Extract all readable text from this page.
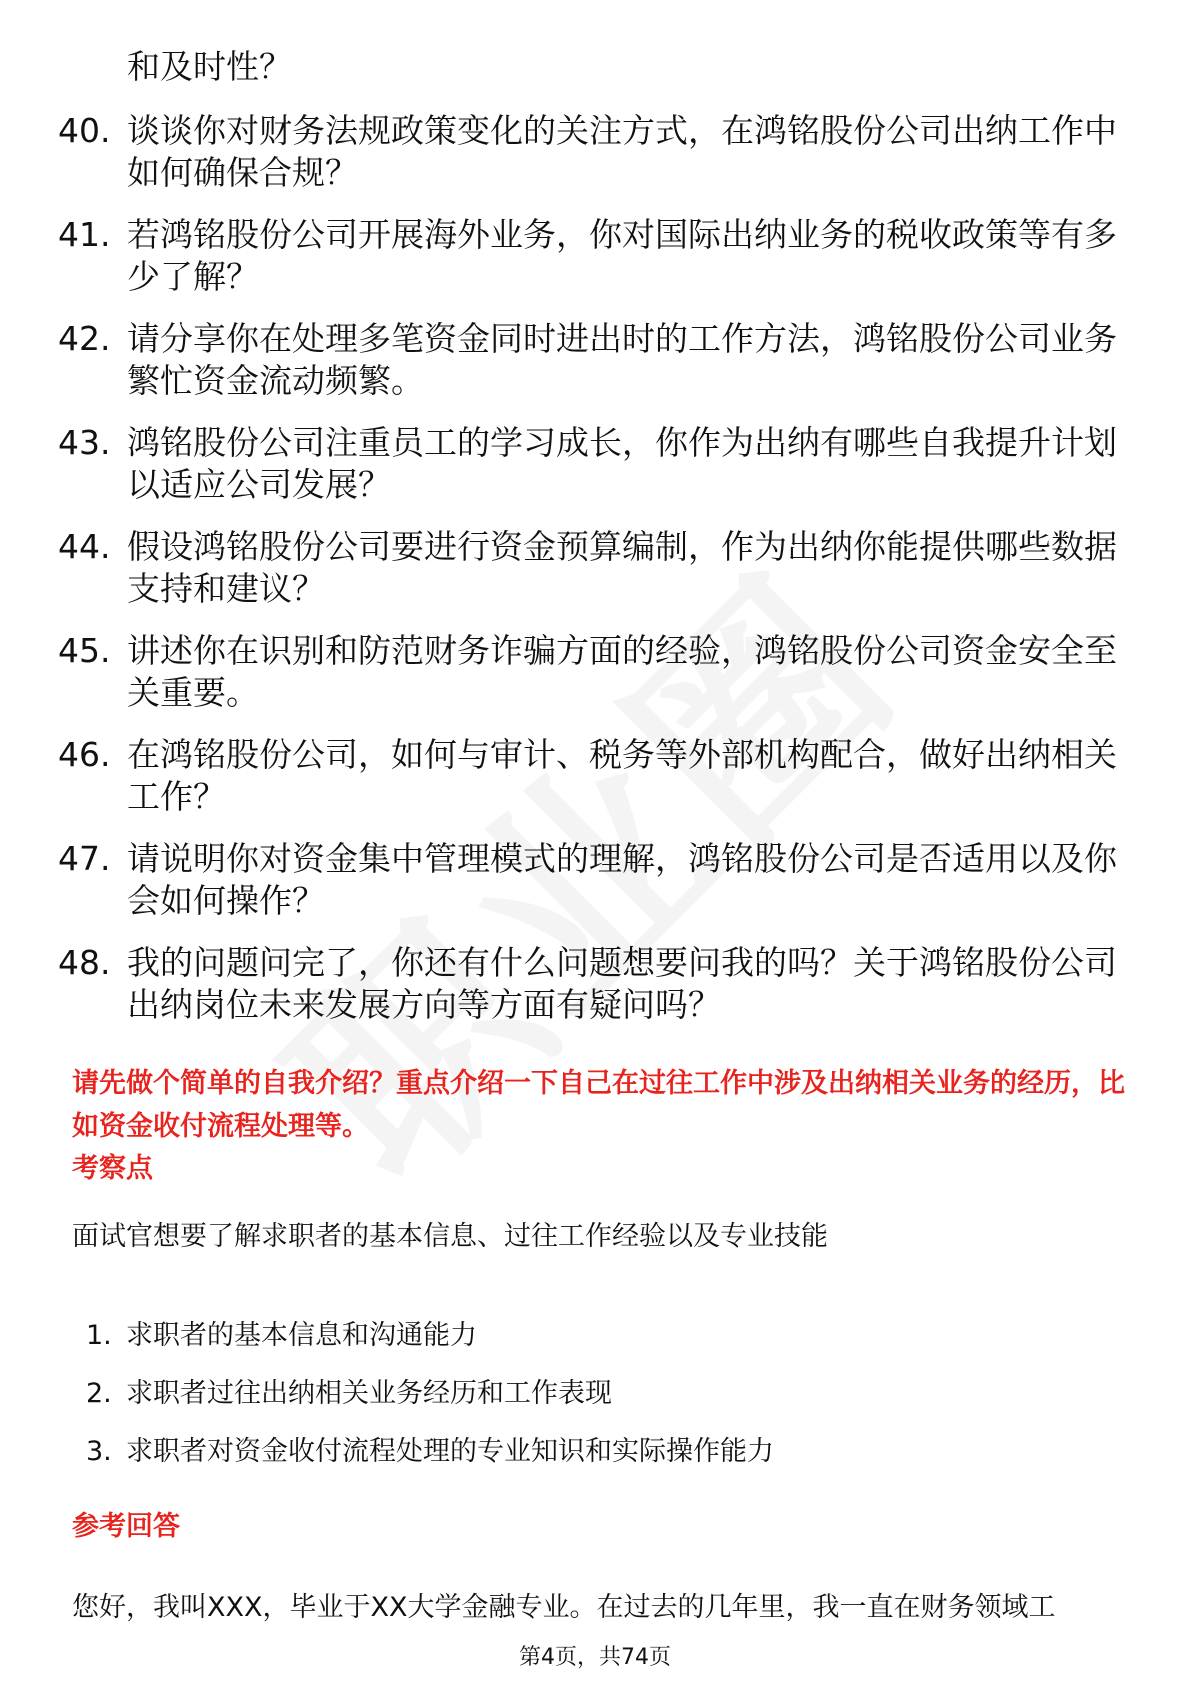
和及时性？

40. 谈谈你对财务法规政策变化的关注方式，在鸿铭股份公司出纳工作中如何确保合规？
41. 若鸿铭股份公司开展海外业务，你对国际出纳业务的税收政策等有多少了解？
42. 请分享你在处理多笔资金同时进出时的工作方法，鸿铭股份公司业务繁忙资金流动频繁。
43. 鸿铭股份公司注重员工的学习成长，你作为出纳有哪些自我提升计划以适应公司发展？
44. 假设鸿铭股份公司要进行资金预算编制，作为出纳你能提供哪些数据支持和建议？
45. 讲述你在识别和防范财务诈骗方面的经验，鸿铭股份公司资金安全至关重要。
46. 在鸿铭股份公司，如何与审计、税务等外部机构配合，做好出纳相关工作？
47. 请说明你对资金集中管理模式的理解，鸿铭股份公司是否适用以及你会如何操作？
48. 我的问题问完了，你还有什么问题想要问我的吗？关于鸿铭股份公司出纳岗位未来发展方向等方面有疑问吗？

请先做个简单的自我介绍？重点介绍一下自己在过往工作中涉及出纳相关业务的经历，比如资金收付流程处理等。

考察点

面试官想要了解求职者的基本信息、过往工作经验以及专业技能

1. 求职者的基本信息和沟通能力
2. 求职者过往出纳相关业务经历和工作表现
3. 求职者对资金收付流程处理的专业知识和实际操作能力
参考回答

您好，我叫XXX，毕业于XX大学金融专业。在过去的几年里，我一直在财务领域工

第4页，共74页
